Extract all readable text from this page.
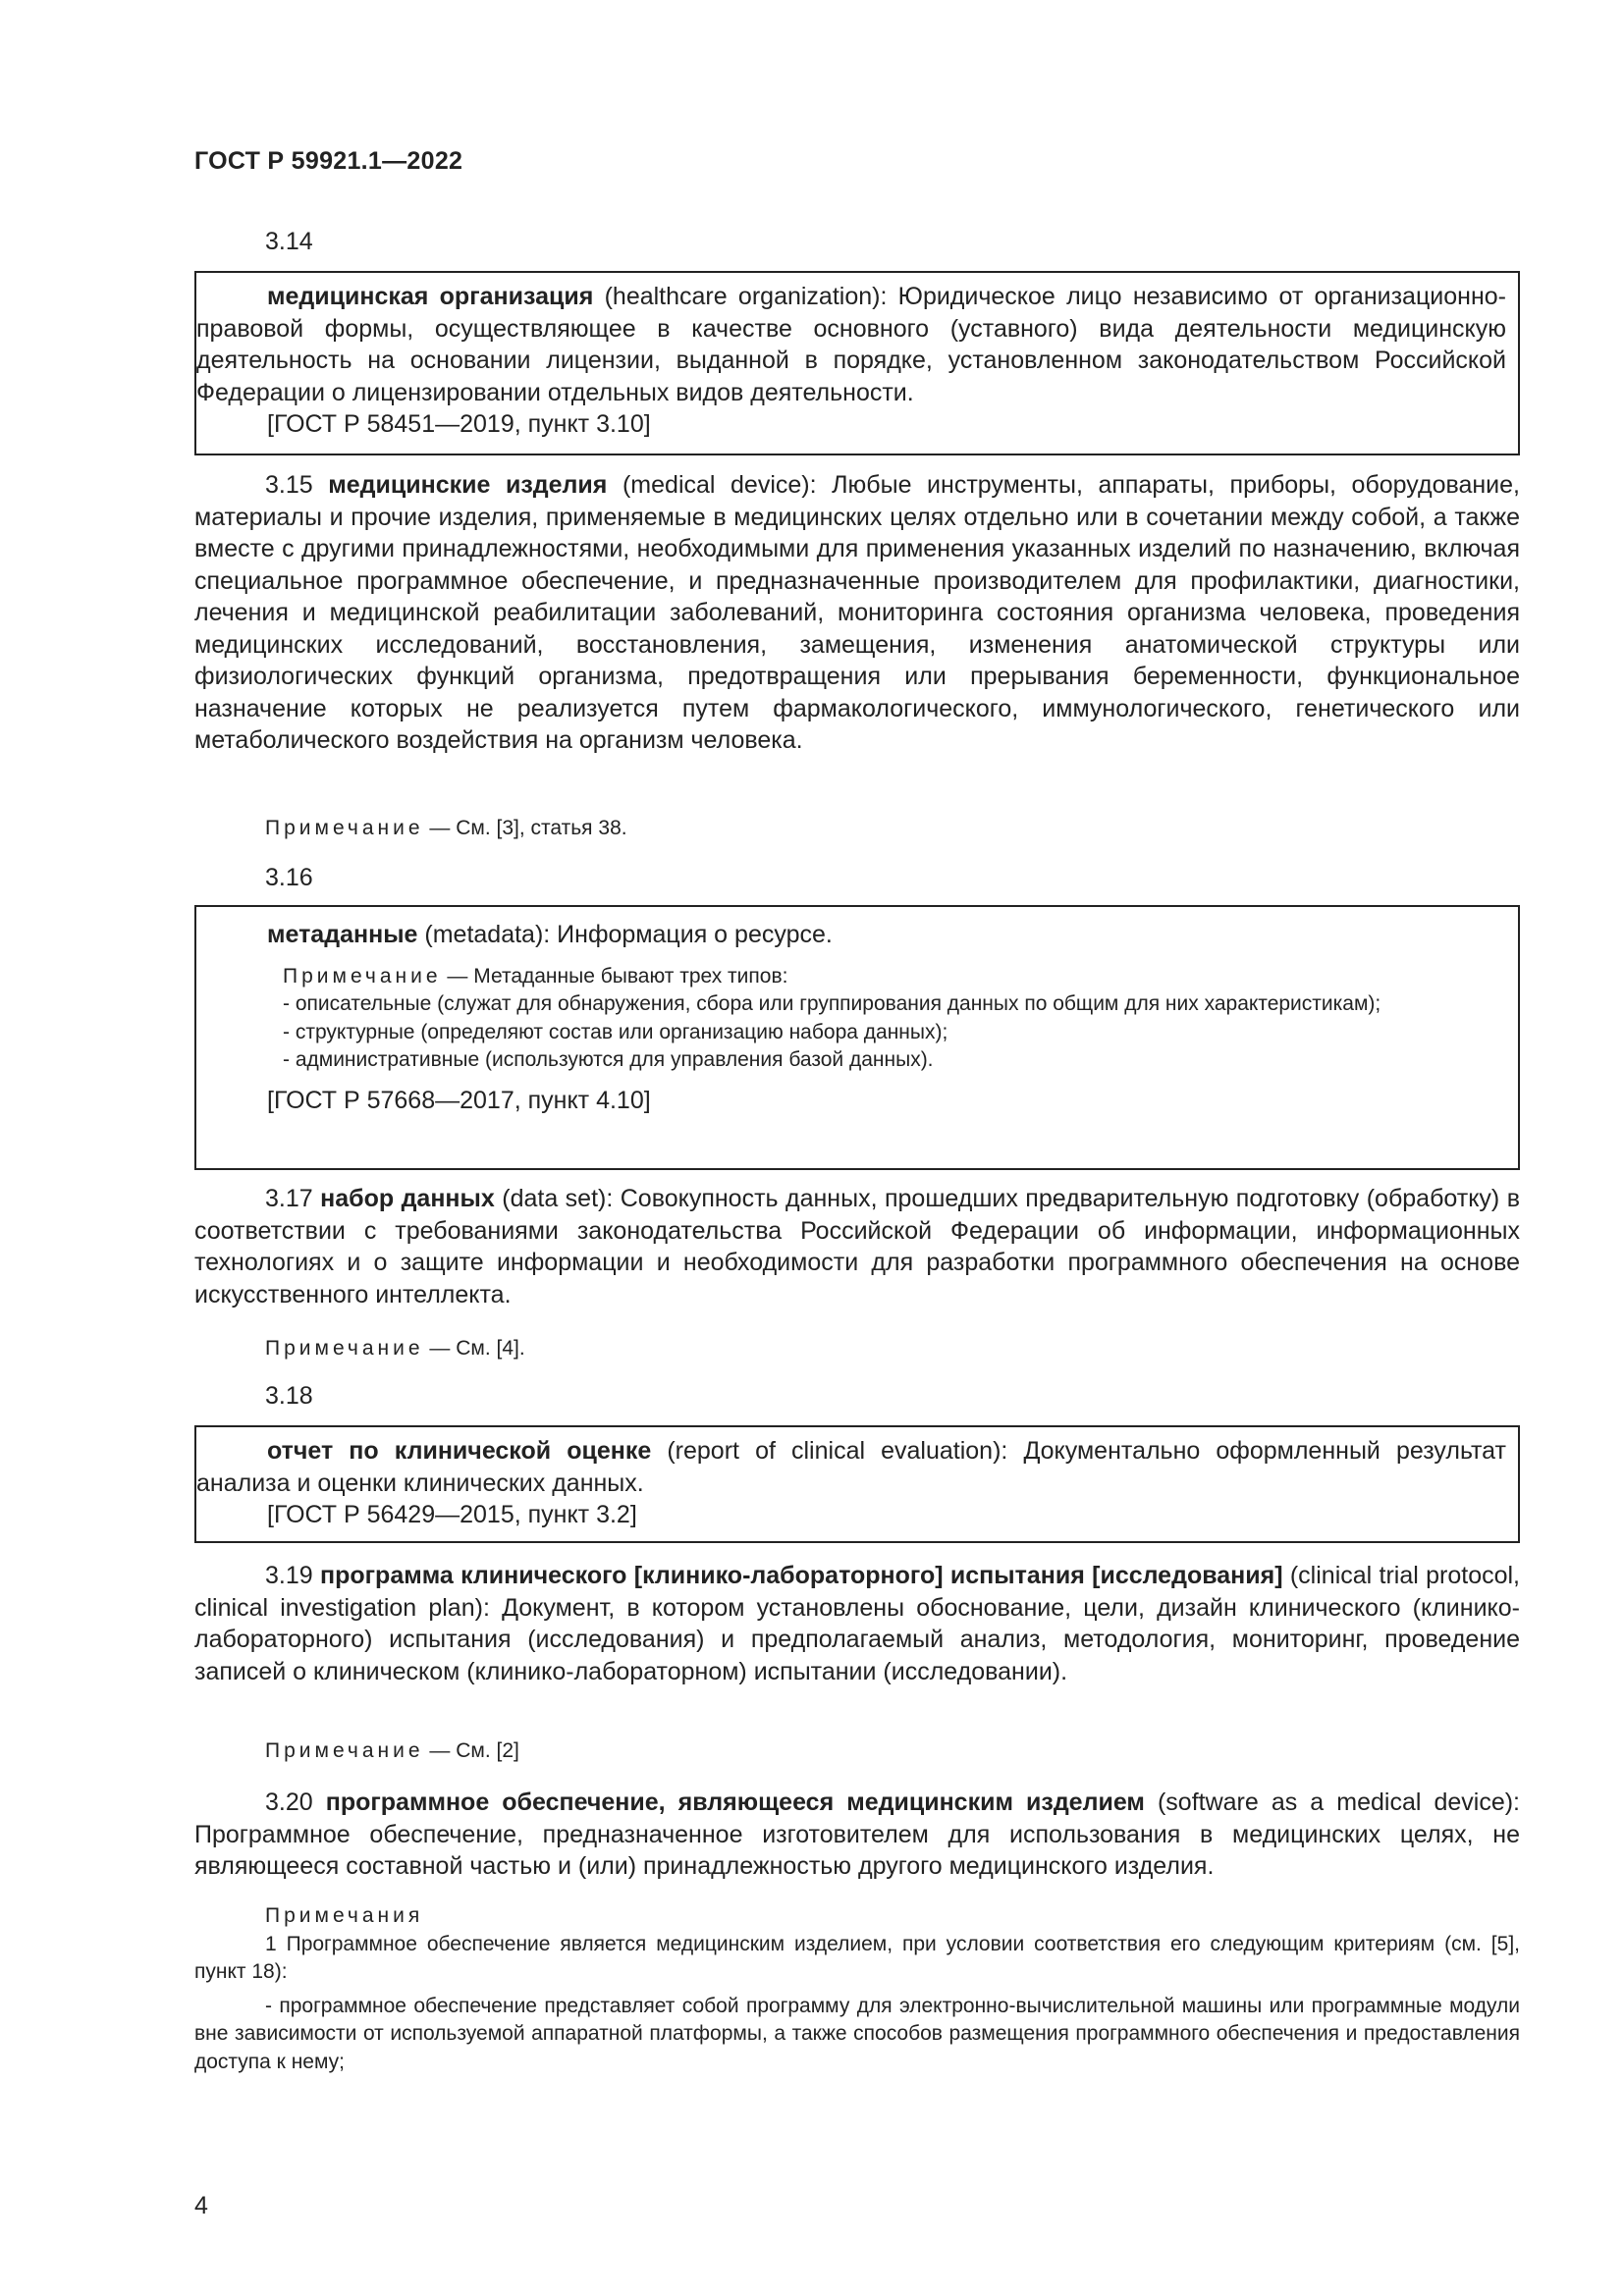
ГОСТ Р 59921.1—2022
3.14

медицинская организация (healthcare organization): Юридическое лицо независимо от организационно-правовой формы, осуществляющее в качестве основного (уставного) вида деятельности медицинскую деятельность на основании лицензии, выданной в порядке, установленном законодательством Российской Федерации о лицензировании отдельных видов деятельности.

[ГОСТ Р 58451—2019, пункт 3.10]

3.15 медицинские изделия (medical device): Любые инструменты, аппараты, приборы, оборудование, материалы и прочие изделия, применяемые в медицинских целях отдельно или в сочетании между собой, а также вместе с другими принадлежностями, необходимыми для применения указанных изделий по назначению, включая специальное программное обеспечение, и предназначенные производителем для профилактики, диагностики, лечения и медицинской реабилитации заболеваний, мониторинга состояния организма человека, проведения медицинских исследований, восстановления, замещения, изменения анатомической структуры или физиологических функций организма, предотвращения или прерывания беременности, функциональное назначение которых не реализуется путем фармакологического, иммунологического, генетического или метаболического воздействия на организм человека.

Примечание — См. [3], статья 38.

3.16

метаданные (metadata): Информация о ресурсе.

Примечание — Метаданные бывают трех типов:

- описательные (служат для обнаружения, сбора или группирования данных по общим для них характеристикам);

- структурные (определяют состав или организацию набора данных);

- административные (используются для управления базой данных).

[ГОСТ Р 57668—2017, пункт 4.10]

3.17 набор данных (data set): Совокупность данных, прошедших предварительную подготовку (обработку) в соответствии с требованиями законодательства Российской Федерации об информации, информационных технологиях и о защите информации и необходимости для разработки программного обеспечения на основе искусственного интеллекта.

Примечание — См. [4].

3.18

отчет по клинической оценке (report of clinical evaluation): Документально оформленный результат анализа и оценки клинических данных.

[ГОСТ Р 56429—2015, пункт 3.2]

3.19 программа клинического [клинико-лабораторного] испытания [исследования] (clinical trial protocol, clinical investigation plan): Документ, в котором установлены обоснование, цели, дизайн клинического (клинико-лабораторного) испытания (исследования) и предполагаемый анализ, методология, мониторинг, проведение записей о клиническом (клинико-лабораторном) испытании (исследовании).

Примечание — См. [2]

3.20 программное обеспечение, являющееся медицинским изделием (software as a medical device): Программное обеспечение, предназначенное изготовителем для использования в медицинских целях, не являющееся составной частью и (или) принадлежностью другого медицинского изделия.

Примечания

1 Программное обеспечение является медицинским изделием, при условии соответствия его следующим критериям (см. [5], пункт 18):

- программное обеспечение представляет собой программу для электронно-вычислительной машины или программные модули вне зависимости от используемой аппаратной платформы, а также способов размещения программного обеспечения и предоставления доступа к нему;

4
